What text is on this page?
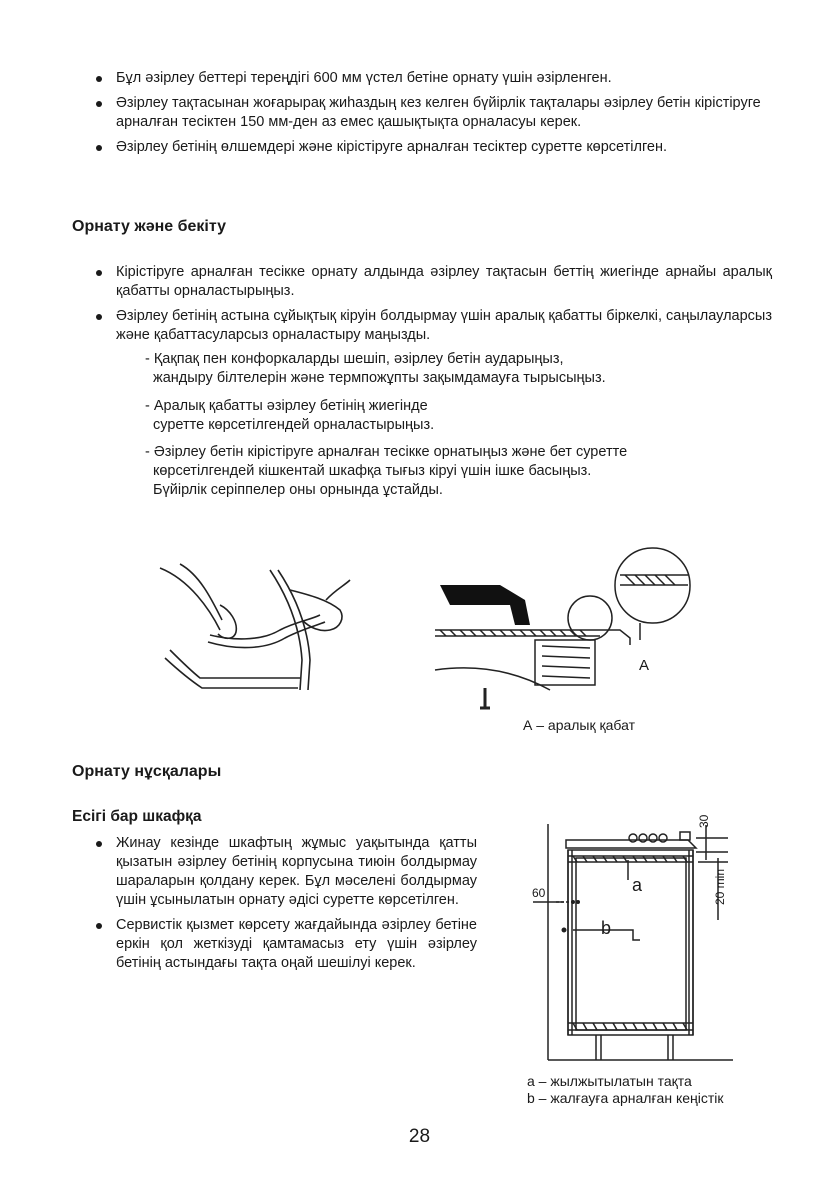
Бұл әзірлеу беттері тереңдігі 600 мм үстел бетіне орнату үшін әзірленген.
Әзірлеу тақтасынан жоғарырақ жиһаздың кез келген бүйірлік тақталары әзірлеу бетін кірістіруге арналған тесіктен 150 мм-ден аз емес қашықтықта орналасуы керек.
Әзірлеу бетінің өлшемдері және кірістіруге арналған тесіктер суретте көрсетілген.
Орнату және бекіту
Кірістіруге арналған тесікке орнату алдында әзірлеу тақтасын беттің жиегінде арнайы аралық қабатты орналастырыңыз.
Әзірлеу бетінің астына сұйықтық кіруін болдырмау үшін аралық қабатты біркелкі, саңылауларсыз және қабаттасуларсыз орналастыру маңызды.
- Қақпақ пен конфоркаларды шешіп, әзірлеу бетін аударыңыз,
жандыру білтелерін және термпожұпты зақымдамауға тырысыңыз.
- Аралық қабатты әзірлеу бетінің жиегінде
суретте көрсетілгендей орналастырыңыз.
- Әзірлеу бетін кірістіруге арналған тесікке орнатыңыз және бет суретте
көрсетілгендей кішкентай шкафқа тығыз кіруі үшін ішке басыңыз.
Бүйірлік серіппелер оны орнында ұстайды.
A
А – аралық қабат
Орнату нұсқалары
Есігі бар шкафқа
Жинау кезінде шкафтың жұмыс уақытында қатты қызатын әзірлеу бетінің корпусына тиюін болдырмау шараларын қолдану керек. Бұл мәселені болдырмау үшін ұсынылатын орнату әдісі суретте көрсетілген.
Сервистік қызмет көрсету жағдайында әзірлеу бетіне еркін қол жеткізуді қамтамасыз ету үшін әзірлеу бетінің астындағы тақта оңай шешілуі керек.
60
30
20 min
a
b
a – жылжытылатын тақта
b – жалғауға арналған кеңістік
28
